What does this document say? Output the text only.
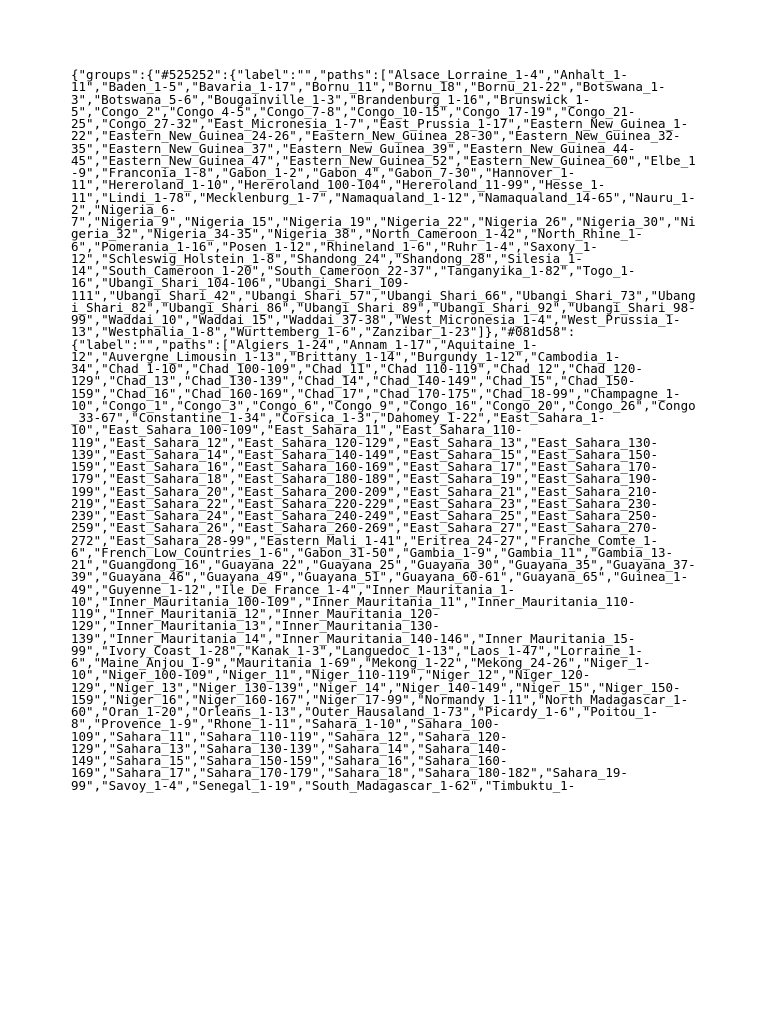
{"groups":{"#525252":{"label":"","paths":["Alsace_Lorraine_1-4","Anhalt_1-
11","Baden_1-5","Bavaria_1-17","Bornu_11","Bornu_18","Bornu_21-22","Botswana_1-
3","Botswana_5-6","Bougainville_1-3","Brandenburg_1-16","Brunswick_1-
5","Congo_2","Congo_4-5","Congo_7-8","Congo_10-15","Congo_17-19","Congo_21-
25","Congo_27-32","East_Micronesia_1-7","East_Prussia_1-17","Eastern_New_Guinea_1-
22","Eastern_New_Guinea_24-26","Eastern_New_Guinea_28-30","Eastern_New_Guinea_32-
35","Eastern_New_Guinea_37","Eastern_New_Guinea_39","Eastern_New_Guinea_44-
45","Eastern_New_Guinea_47","Eastern_New_Guinea_52","Eastern_New_Guinea_60","Elbe_1
-9","Franconia_1-8","Gabon_1-2","Gabon_4","Gabon_7-30","Hannover_1-
11","Hereroland_1-10","Hereroland_100-104","Hereroland_11-99","Hesse_1-
11","Lindi_1-78","Mecklenburg_1-7","Namaqualand_1-12","Namaqualand_14-65","Nauru_1-
2","Nigeria_6-
7","Nigeria_9","Nigeria_15","Nigeria_19","Nigeria_22","Nigeria_26","Nigeria_30","Ni
geria_32","Nigeria_34-35","Nigeria_38","North_Cameroon_1-42","North_Rhine_1-
6","Pomerania_1-16","Posen_1-12","Rhineland_1-6","Ruhr_1-4","Saxony_1-
12","Schleswig_Holstein_1-8","Shandong_24","Shandong_28","Silesia_1-
14","South_Cameroon_1-20","South_Cameroon_22-37","Tanganyika_1-82","Togo_1-
16","Ubangi_Shari_104-106","Ubangi_Shari_109-
111","Ubangi_Shari_42","Ubangi_Shari_57","Ubangi_Shari_66","Ubangi_Shari_73","Ubang
i_Shari_82","Ubangi_Shari_86","Ubangi_Shari_89","Ubangi_Shari_92","Ubangi_Shari_98-
99","Waddai_10","Waddai_15","Waddai_37-38","West_Micronesia_1-4","West_Prussia_1-
13","Westphalia_1-8","Wurttemberg_1-6","Zanzibar_1-23"]},"#081d58":
{"label":"","paths":["Algiers_1-24","Annam_1-17","Aquitaine_1-
12","Auvergne_Limousin_1-13","Brittany_1-14","Burgundy_1-12","Cambodia_1-
34","Chad_1-10","Chad_100-109","Chad_11","Chad_110-119","Chad_12","Chad_120-
129","Chad_13","Chad_130-139","Chad_14","Chad_140-149","Chad_15","Chad_150-
159","Chad_16","Chad_160-169","Chad_17","Chad_170-175","Chad_18-99","Champagne_1-
10","Congo_1","Congo_3","Congo_6","Congo_9","Congo_16","Congo_20","Congo_26","Congo
_33-67","Constantine_1-34","Corsica_1-3","Dahomey_1-22","East_Sahara_1-
10","East_Sahara_100-109","East_Sahara_11","East_Sahara_110-
119","East_Sahara_12","East_Sahara_120-129","East_Sahara_13","East_Sahara_130-
139","East_Sahara_14","East_Sahara_140-149","East_Sahara_15","East_Sahara_150-
159","East_Sahara_16","East_Sahara_160-169","East_Sahara_17","East_Sahara_170-
179","East_Sahara_18","East_Sahara_180-189","East_Sahara_19","East_Sahara_190-
199","East_Sahara_20","East_Sahara_200-209","East_Sahara_21","East_Sahara_210-
219","East_Sahara_22","East_Sahara_220-229","East_Sahara_23","East_Sahara_230-
239","East_Sahara_24","East_Sahara_240-249","East_Sahara_25","East_Sahara_250-
259","East_Sahara_26","East_Sahara_260-269","East_Sahara_27","East_Sahara_270-
272","East_Sahara_28-99","Eastern_Mali_1-41","Eritrea_24-27","Franche_Comte_1-
6","French_Low_Countries_1-6","Gabon_31-50","Gambia_1-9","Gambia_11","Gambia_13-
21","Guangdong_16","Guayana_22","Guayana_25","Guayana_30","Guayana_35","Guayana_37-
39","Guayana_46","Guayana_49","Guayana_51","Guayana_60-61","Guayana_65","Guinea_1-
49","Guyenne_1-12","Ile_De_France_1-4","Inner_Mauritania_1-
10","Inner_Mauritania_100-109","Inner_Mauritania_11","Inner_Mauritania_110-
119","Inner_Mauritania_12","Inner_Mauritania_120-
129","Inner_Mauritania_13","Inner_Mauritania_130-
139","Inner_Mauritania_14","Inner_Mauritania_140-146","Inner_Mauritania_15-
99","Ivory_Coast_1-28","Kanak_1-3","Languedoc_1-13","Laos_1-47","Lorraine_1-
6","Maine_Anjou_1-9","Mauritania_1-69","Mekong_1-22","Mekong_24-26","Niger_1-
10","Niger_100-109","Niger_11","Niger_110-119","Niger_12","Niger_120-
129","Niger_13","Niger_130-139","Niger_14","Niger_140-149","Niger_15","Niger_150-
159","Niger_16","Niger_160-167","Niger_17-99","Normandy_1-11","North_Madagascar_1-
60","Oran_1-20","Orleans_1-13","Outer_Hausaland_1-73","Picardy_1-6","Poitou_1-
8","Provence_1-9","Rhone_1-11","Sahara_1-10","Sahara_100-
109","Sahara_11","Sahara_110-119","Sahara_12","Sahara_120-
129","Sahara_13","Sahara_130-139","Sahara_14","Sahara_140-
149","Sahara_15","Sahara_150-159","Sahara_16","Sahara_160-
169","Sahara_17","Sahara_170-179","Sahara_18","Sahara_180-182","Sahara_19-
99","Savoy_1-4","Senegal_1-19","South_Madagascar_1-62","Timbuktu_1-
